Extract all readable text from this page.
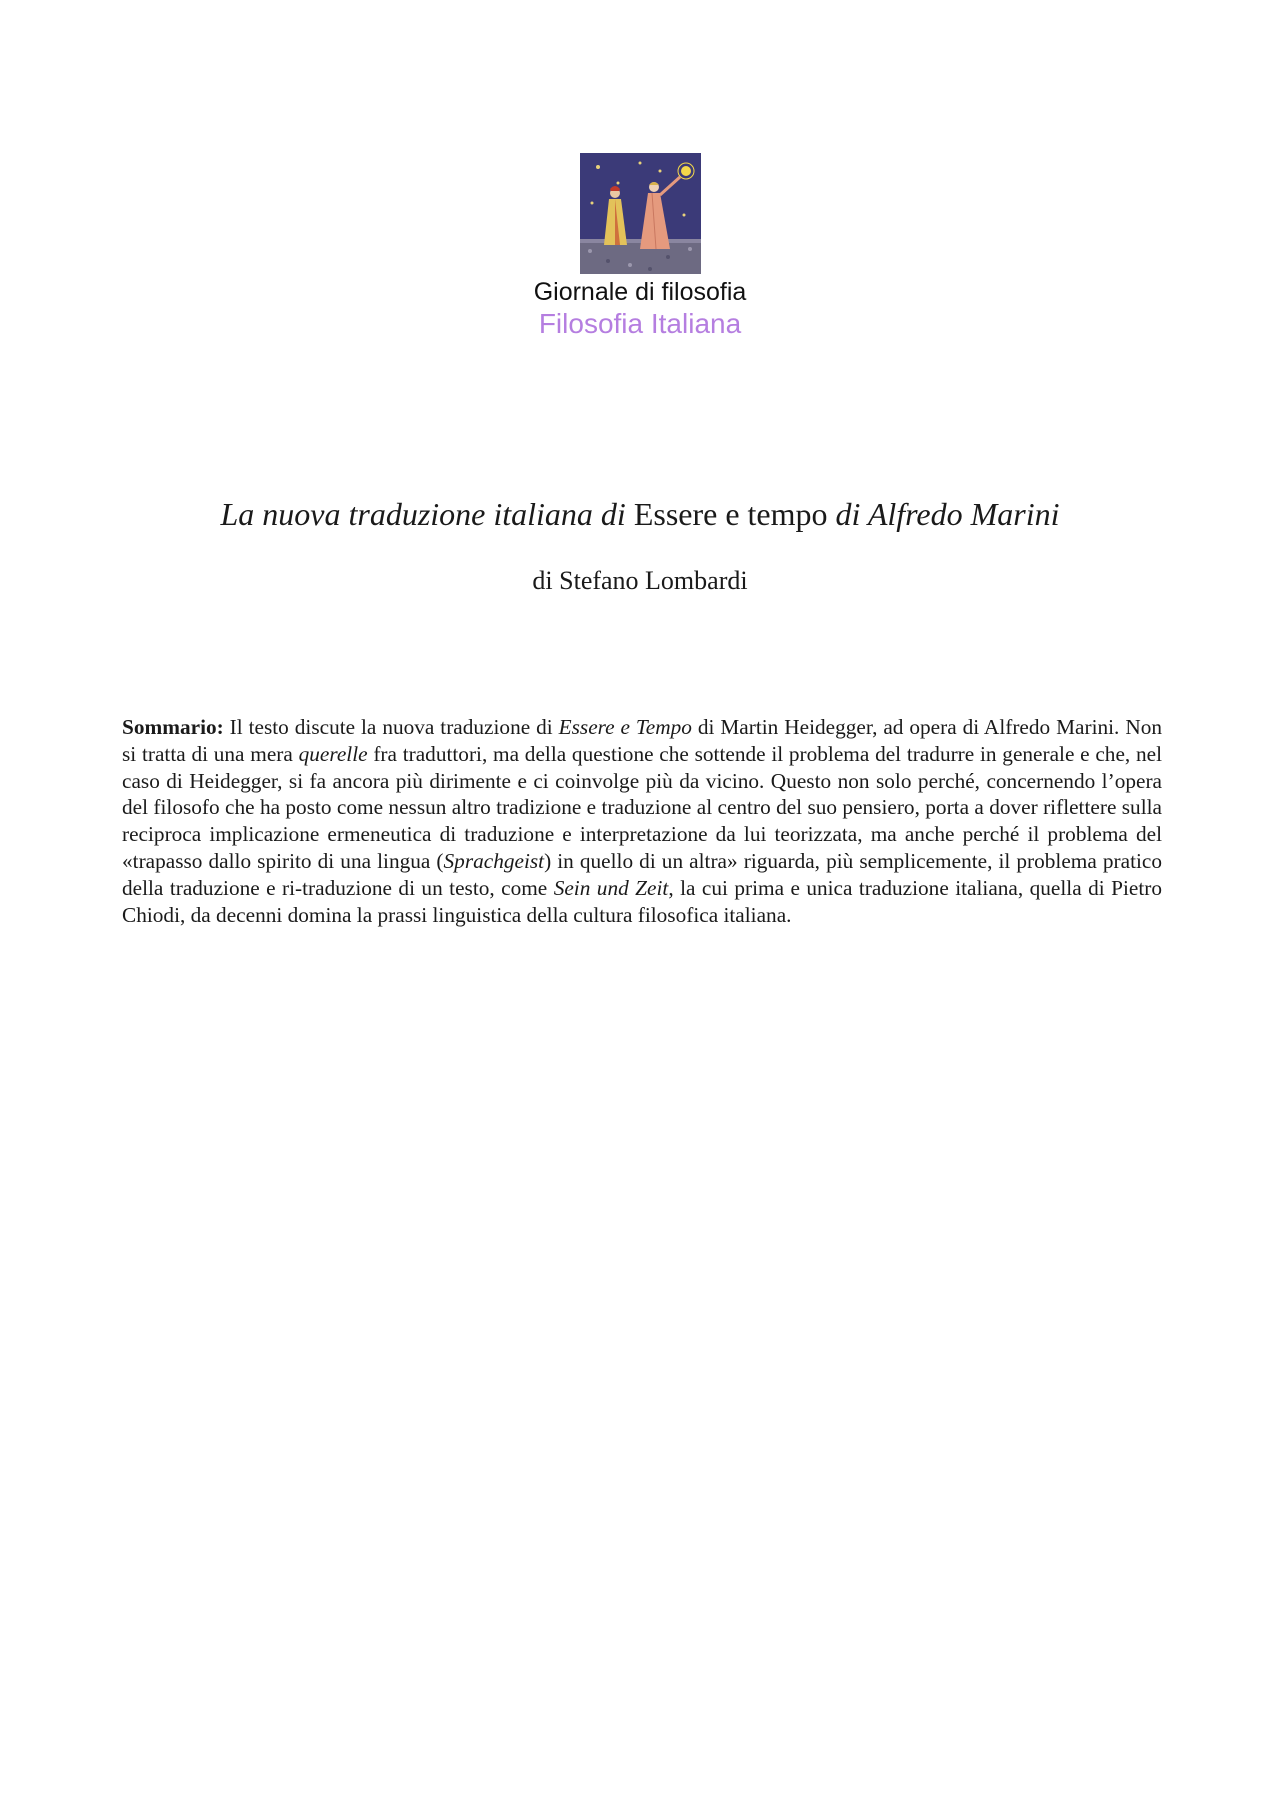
Giornale di filosofia
Filosofia Italiana
La nuova traduzione italiana di Essere e tempo di Alfredo Marini
di Stefano Lombardi
Sommario: Il testo discute la nuova traduzione di Essere e Tempo di Martin Heidegger, ad opera di Alfredo Marini. Non si tratta di una mera querelle fra traduttori, ma della questione che sottende il problema del tradurre in generale e che, nel caso di Heidegger, si fa ancora più dirimente e ci coinvolge più da vicino. Questo non solo perché, concernendo l’opera del filosofo che ha posto come nessun altro tradizione e traduzione al centro del suo pensiero, porta a dover riflettere sulla reciproca implicazione ermeneutica di traduzione e interpretazione da lui teorizzata, ma anche perché il problema del «trapasso dallo spirito di una lingua (Sprachgeist) in quello di un altra» riguarda, più semplicemente, il problema pratico della traduzione e ri-traduzione di un testo, come Sein und Zeit, la cui prima e unica traduzione italiana, quella di Pietro Chiodi, da decenni domina la prassi linguistica della cultura filosofica italiana.
